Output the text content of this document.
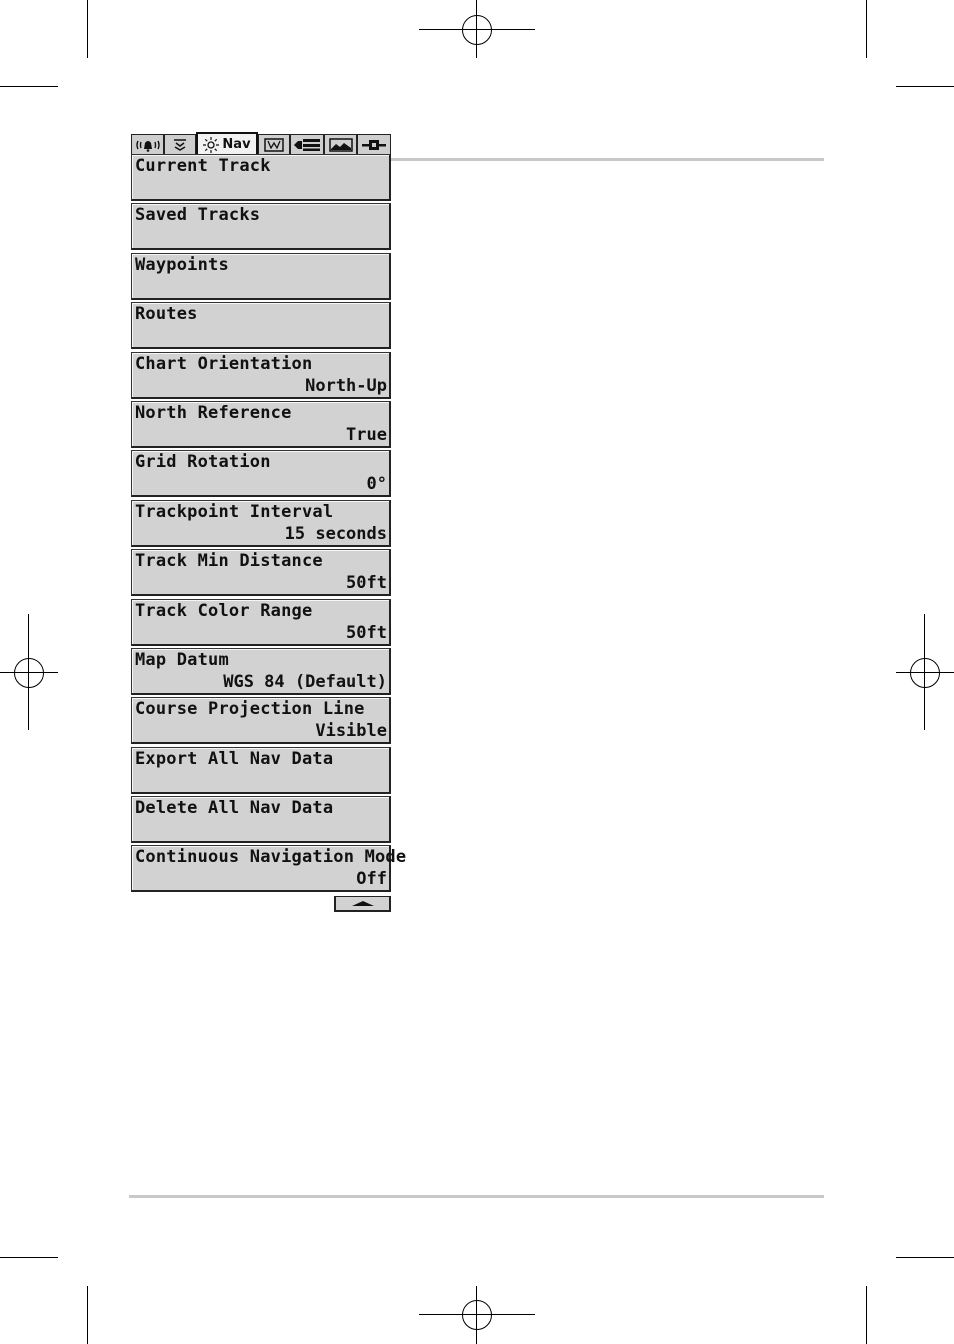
Nav
Current Track
Saved Tracks
Waypoints
Routes
Chart Orientation
North-Up
North Reference
True
Grid Rotation
0°
Trackpoint Interval
15 seconds
Track Min Distance
50ft
Track Color Range
50ft
Map Datum
WGS 84 (Default)
Course Projection Line
Visible
Export All Nav Data
Delete All Nav Data
Continuous Navigation Mode
Off
